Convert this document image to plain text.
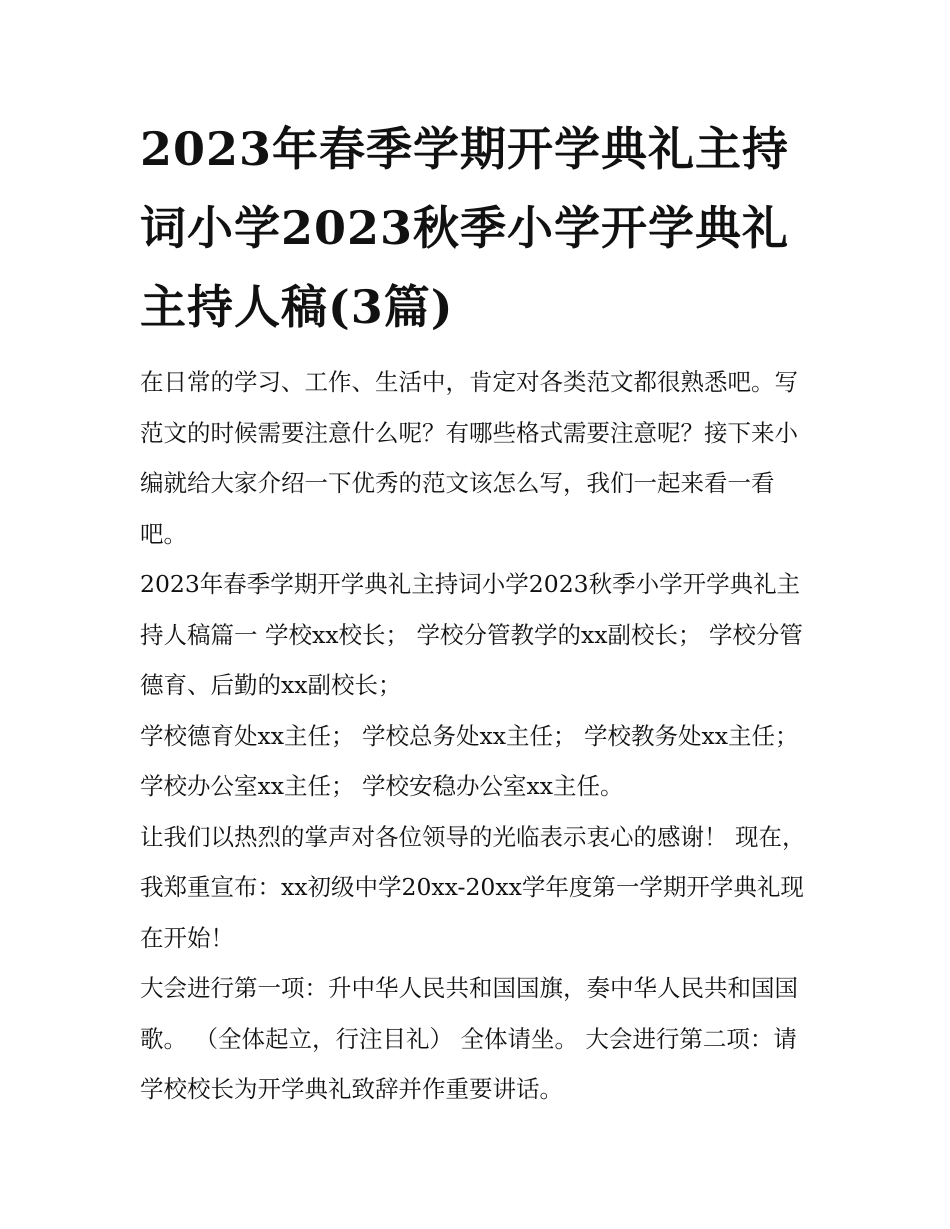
2023年春季学期开学典礼主持词小学2023秋季小学开学典礼主持人稿(3篇)

在日常的学习、工作、生活中，肯定对各类范文都很熟悉吧。写范文的时候需要注意什么呢？有哪些格式需要注意呢？接下来小编就给大家介绍一下优秀的范文该怎么写，我们一起来看一看吧。

2023年春季学期开学典礼主持词小学2023秋季小学开学典礼主持人稿篇一 学校xx校长； 学校分管教学的xx副校长； 学校分管德育、后勤的xx副校长；

学校德育处xx主任； 学校总务处xx主任； 学校教务处xx主任； 学校办公室xx主任； 学校安稳办公室xx主任。

让我们以热烈的掌声对各位领导的光临表示衷心的感谢！ 现在，我郑重宣布：xx初级中学20xx-20xx学年度第一学期开学典礼现在开始！

大会进行第一项：升中华人民共和国国旗，奏中华人民共和国国歌。 （全体起立，行注目礼） 全体请坐。 大会进行第二项：请学校校长为开学典礼致辞并作重要讲话。
